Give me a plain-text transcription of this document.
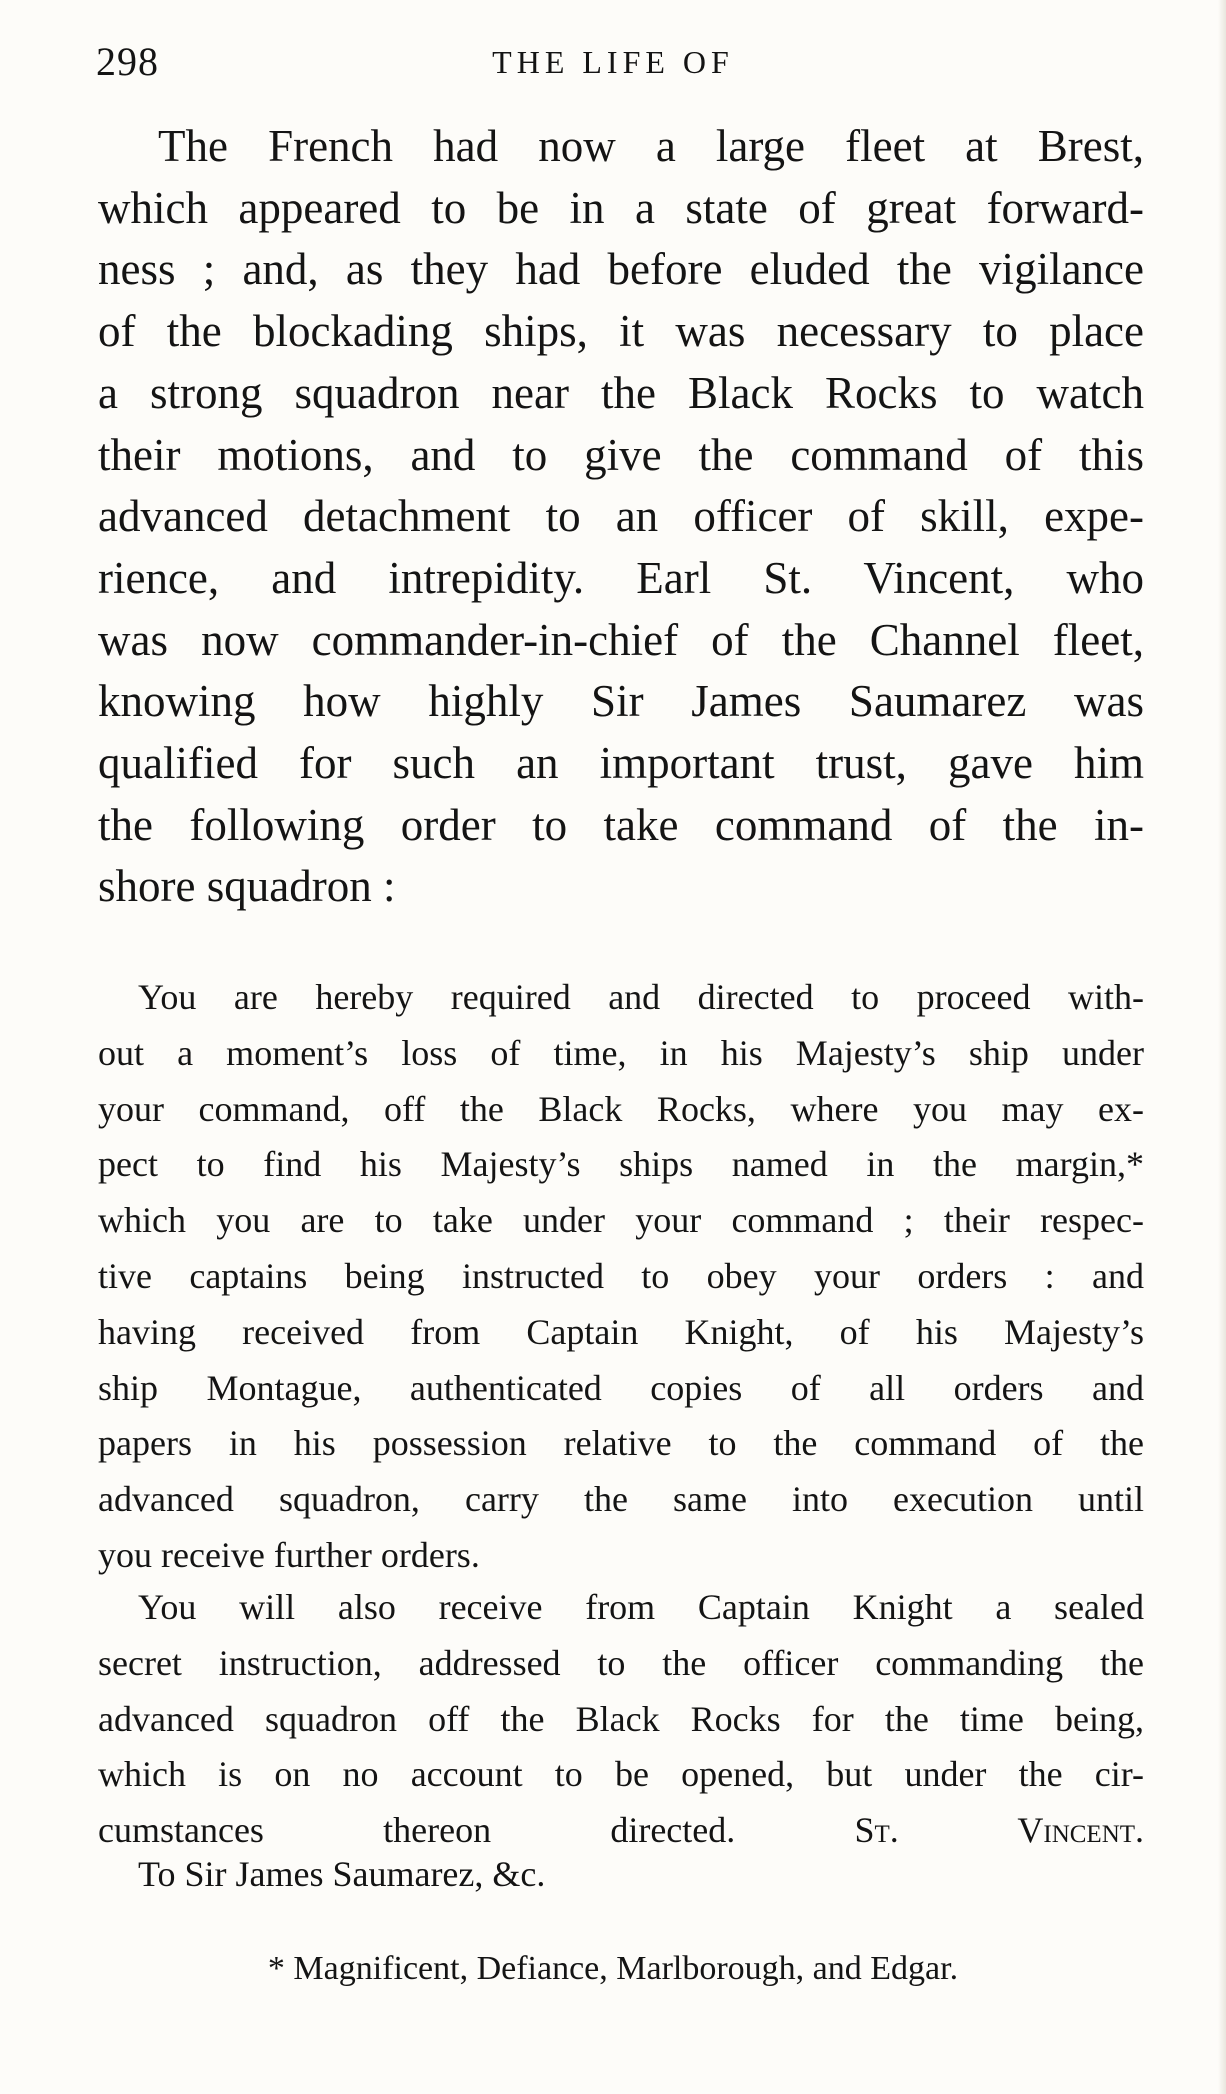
298	THE LIFE OF
The French had now a large fleet at Brest,
which appeared to be in a state of great forward-
ness ; and, as they had before eluded the vigilance
of the blockading ships, it was necessary to place
a strong squadron near the Black Rocks to watch
their motions, and to give the command of this
advanced detachment to an officer of skill, expe-
rience, and intrepidity. Earl St. Vincent, who
was now commander-in-chief of the Channel fleet,
knowing how highly Sir James Saumarez was
qualified for such an important trust, gave him
the following order to take command of the in-
shore squadron :
You are hereby required and directed to proceed with-
out a moment’s loss of time, in his Majesty’s ship under
your command, off the Black Rocks, where you may ex-
pect to find his Majesty’s ships named in the margin,*
which you are to take under your command ; their respec-
tive captains being instructed to obey your orders : and
having received from Captain Knight, of his Majesty’s
ship Montague, authenticated copies of all orders and
papers in his possession relative to the command of the
advanced squadron, carry the same into execution until
you receive further orders.
You will also receive from Captain Knight a sealed
secret instruction, addressed to the officer commanding the
advanced squadron off the Black Rocks for the time being,
which is on no account to be opened, but under the cir-
cumstances thereon directed.	St. Vincent.
To Sir James Saumarez, &c.
* Magnificent, Defiance, Marlborough, and Edgar.
